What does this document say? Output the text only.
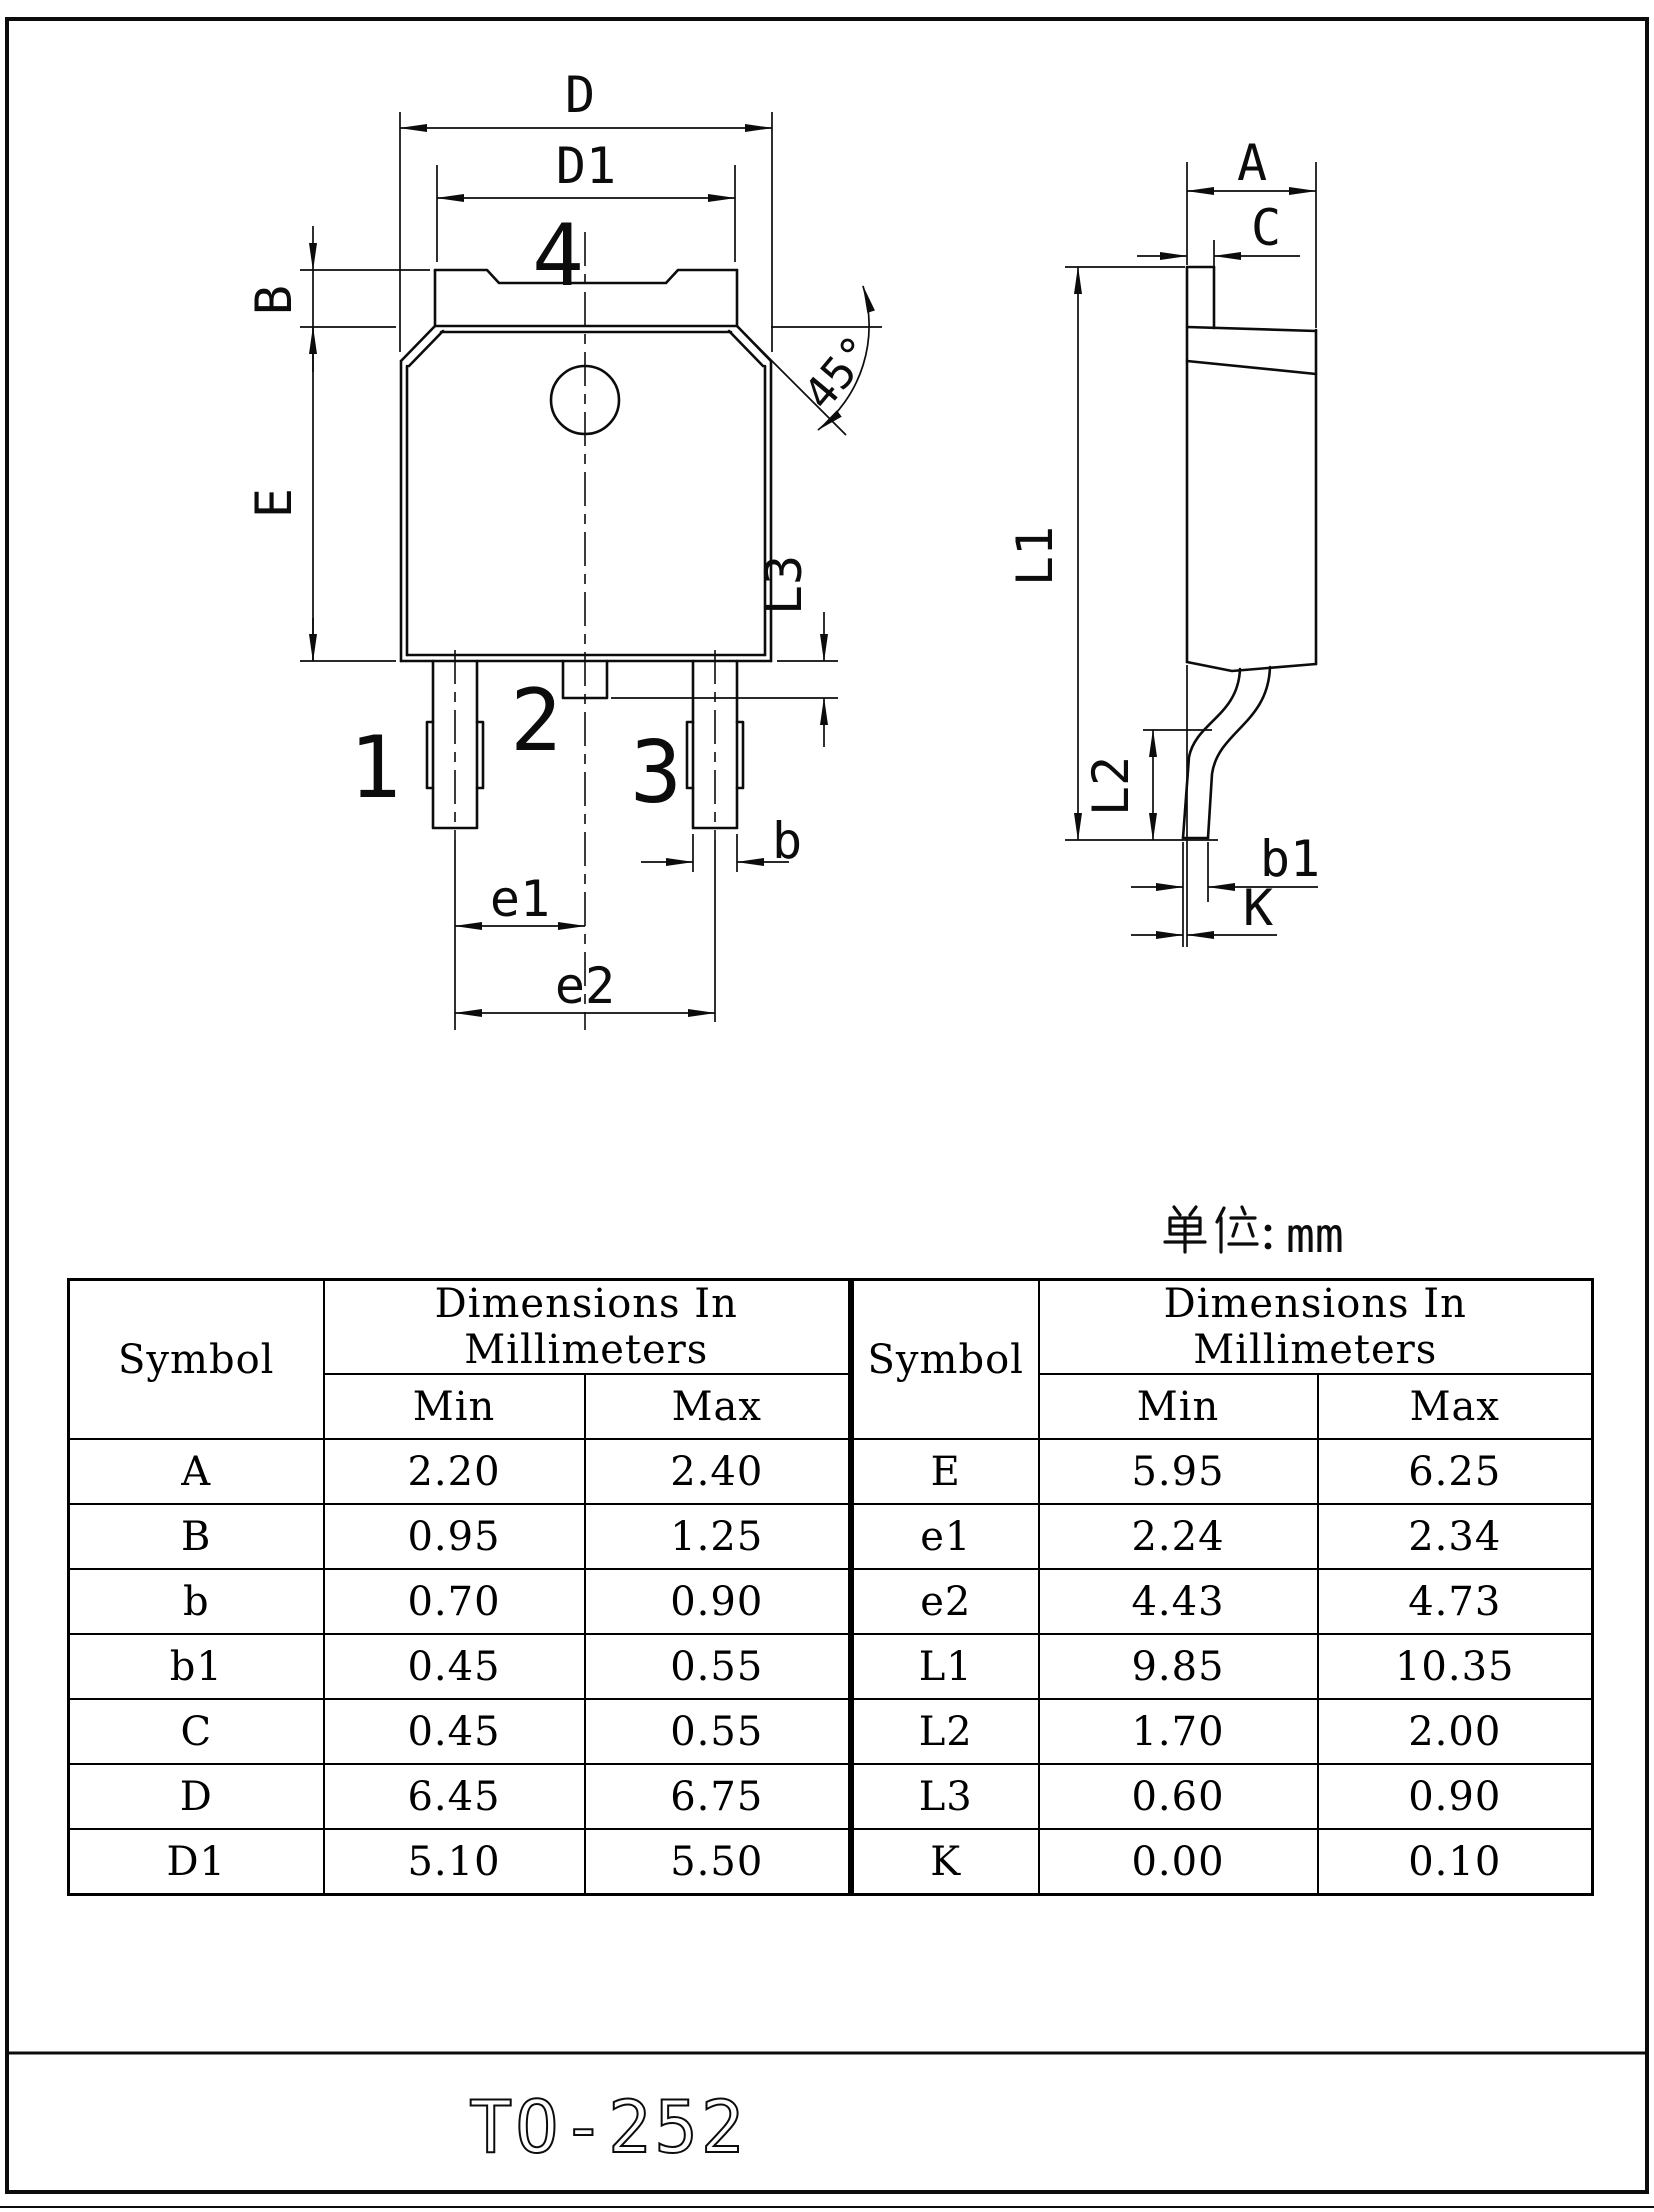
D
D1
B
E
45°
L3
b
e1
e2
1 2
3
4
A
C
L1
L2
b1
K
mm
TO-252
Symbol	Dimensions In Millimeters	
	Min	Max
A	2.20	2.40
B	0.95	1.25
b	0.70	0.90
b1	0.45	0.55
C	0.45	0.55
D	6.45	6.75
D1	5.10	5.50
Symbol	Dimensions In Millimeters	
	Min	Max
E	5.95	6.25
e1	2.24	2.34
e2	4.43	4.73
L1	9.85	10.35
L2	1.70	2.00
L3	0.60	0.90
K	0.00	0.10
